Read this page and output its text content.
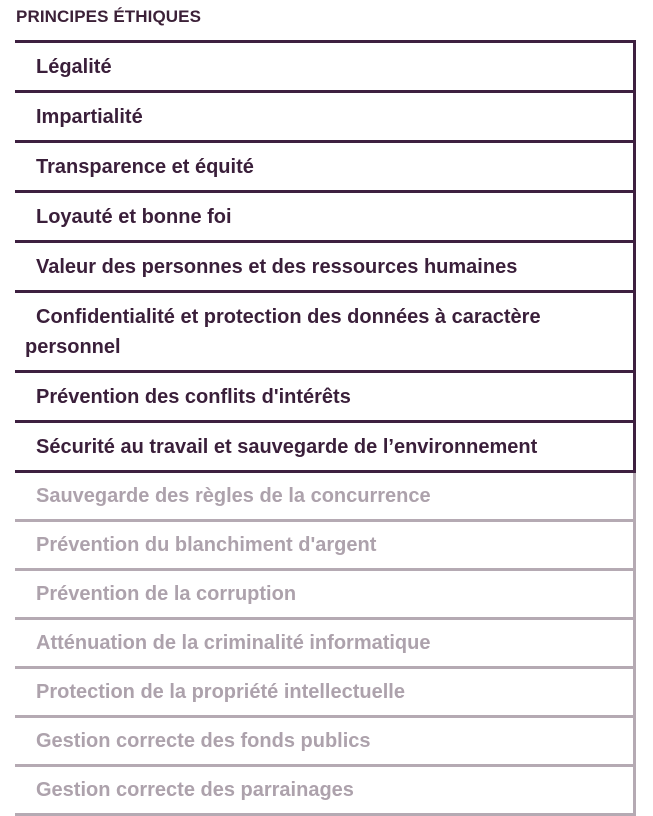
PRINCIPES ÉTHIQUES
Légalité
Impartialité
Transparence et équité
Loyauté et bonne foi
Valeur des personnes et des ressources humaines
Confidentialité et protection des données à caractère personnel
Prévention des conflits d'intérêts
Sécurité au travail et sauvegarde de l’environnement
Sauvegarde des règles de la concurrence
Prévention du blanchiment d'argent
Prévention de la corruption
Atténuation de la criminalité informatique
Protection de la propriété intellectuelle
Gestion correcte des fonds publics
Gestion correcte des parrainages
